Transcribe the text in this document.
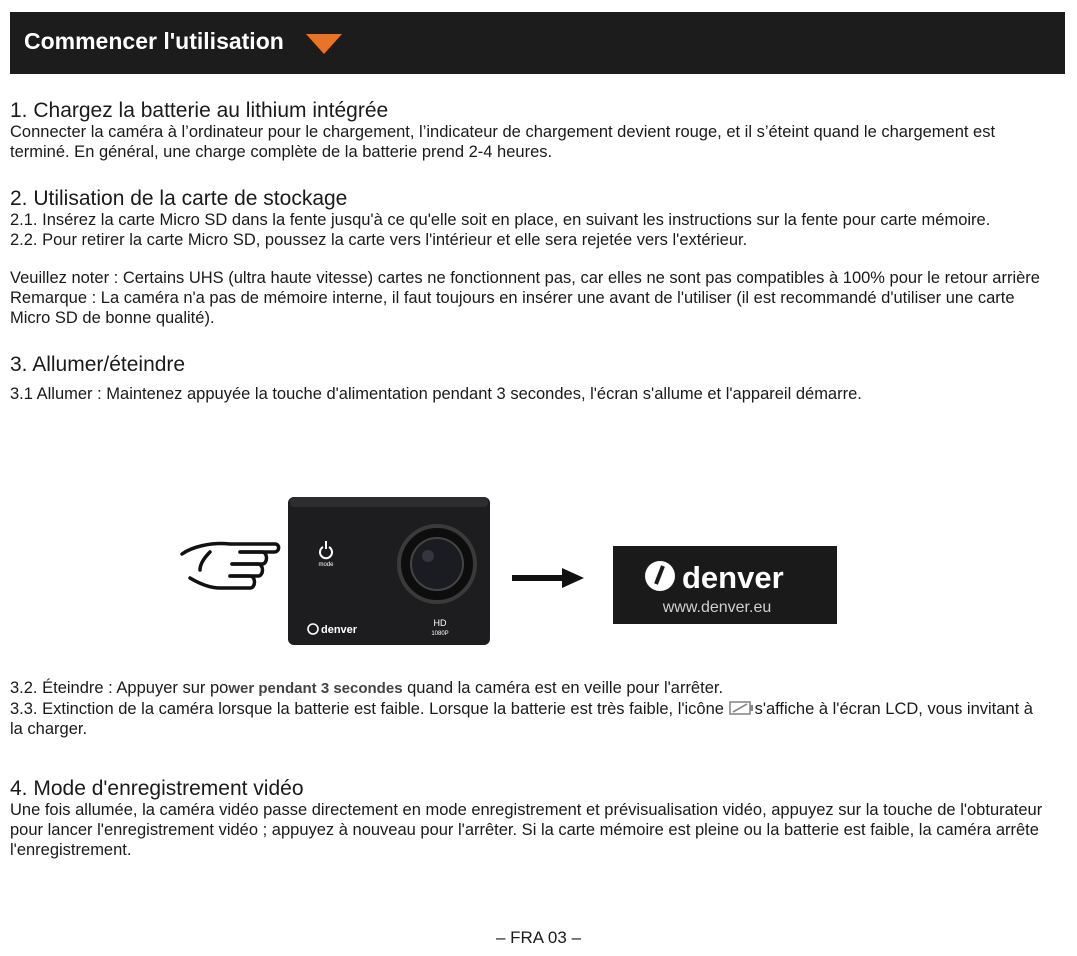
Commencer l'utilisation
1. Chargez la batterie au lithium intégrée

Connecter la caméra à l’ordinateur pour le chargement, l’indicateur de chargement devient rouge, et il s’éteint quand le chargement est terminé. En général, une charge complète de la batterie prend 2-4 heures.

2. Utilisation de la carte de stockage

2.1. Insérez la carte Micro SD dans la fente jusqu'à ce qu'elle soit en place, en suivant les instructions sur la fente pour carte mémoire.

2.2. Pour retirer la carte Micro SD, poussez la carte vers l'intérieur et elle sera rejetée vers l'extérieur.

Veuillez noter : Certains UHS (ultra haute vitesse) cartes ne fonctionnent pas, car elles ne sont pas compatibles à 100% pour le retour arrière

Remarque : La caméra n'a pas de mémoire interne, il faut toujours en insérer une avant de l'utiliser (il est recommandé d'utiliser une carte Micro SD de bonne qualité).

3. Allumer/éteindre

3.1 Allumer : Maintenez appuyée la touche d'alimentation pendant 3 secondes, l'écran s'allume et l'appareil démarre.

mode
denver
HD
1080P
denver
www.denver.eu

3.2. Éteindre : Appuyer sur power pendant 3 secondes quand la caméra est en veille pour l'arrêter.

3.3. Extinction de la caméra lorsque la batterie est faible. Lorsque la batterie est très faible, l'icône s'affiche à l'écran LCD, vous invitant à la charger.

4. Mode d'enregistrement vidéo

Une fois allumée, la caméra vidéo passe directement en mode enregistrement et prévisualisation vidéo, appuyez sur la touche de l'obturateur pour lancer l'enregistrement vidéo ; appuyez à nouveau pour l'arrêter. Si la carte mémoire est pleine ou la batterie est faible, la caméra arrête l'enregistrement.

– FRA 03 –
